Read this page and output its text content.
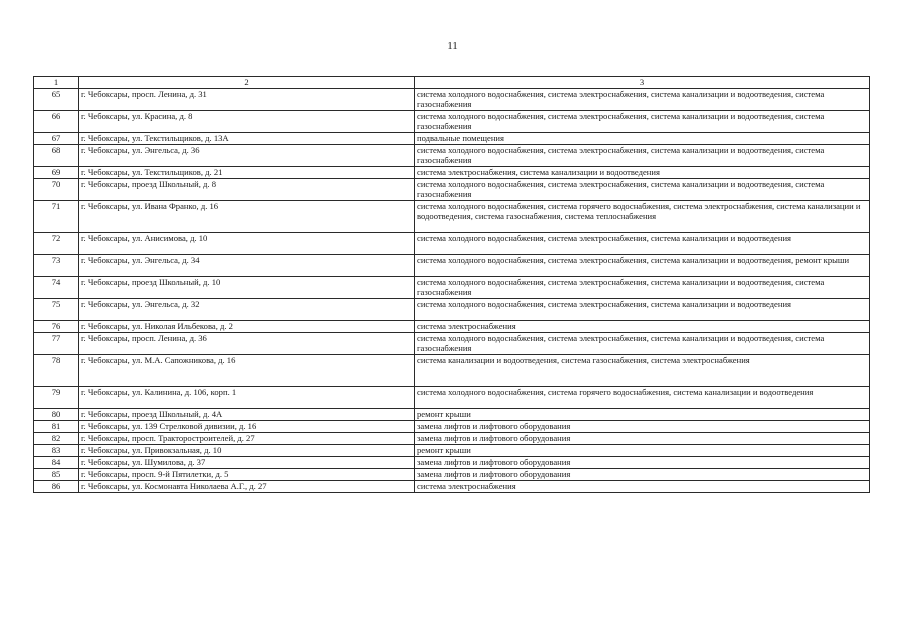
11
1	2	3
65	г. Чебоксары, просп. Ленина, д. 31	система холодного водоснабжения, система электроснабжения, система канализации и водоотведения, система газоснабжения
66	г. Чебоксары, ул. Красина, д. 8	система холодного водоснабжения, система электроснабжения, система канализации и водоотведения, система газоснабжения
67	г. Чебоксары, ул. Текстильщиков, д. 13А	подвальные помещения
68	г. Чебоксары, ул. Энгельса, д. 36	система холодного водоснабжения, система электроснабжения, система канализации и водоотведения, система газоснабжения
69	г. Чебоксары, ул. Текстильщиков, д. 21	система электроснабжения, система канализации и водоотведения
70	г. Чебоксары, проезд Школьный, д. 8	система холодного водоснабжения, система электроснабжения, система канализации и водоотведения, система газоснабжения
71	г. Чебоксары, ул. Ивана Франко, д. 16	система холодного водоснабжения, система горячего водоснабжения, система электроснабжения, система канализации и водоотведения, система газоснабжения, система теплоснабжения
72	г. Чебоксары, ул. Анисимова, д. 10	система холодного водоснабжения, система электроснабжения, система канализации и водоотведения
73	г. Чебоксары, ул. Энгельса, д. 34	система холодного водоснабжения, система электроснабжения, система канализации и водоотведения, ремонт крыши
74	г. Чебоксары, проезд Школьный, д. 10	система холодного водоснабжения, система электроснабжения, система канализации и водоотведения, система газоснабжения
75	г. Чебоксары, ул. Энгельса, д. 32	система холодного водоснабжения, система электроснабжения, система канализации и водоотведения
76	г. Чебоксары, ул. Николая Ильбекова, д. 2	система электроснабжения
77	г. Чебоксары, просп. Ленина, д. 36	система холодного водоснабжения, система электроснабжения, система канализации и водоотведения, система газоснабжения
78	г. Чебоксары, ул. М.А. Сапожникова, д. 16	система канализации и водоотведения, система газоснабжения, система электроснабжения
79	г. Чебоксары, ул. Калинина, д. 106, корп. 1	система холодного водоснабжения, система горячего водоснабжения, система канализации и водоотведения
80	г. Чебоксары, проезд Школьный, д. 4А	ремонт крыши
81	г. Чебоксары, ул. 139 Стрелковой дивизии, д. 16	замена лифтов и лифтового оборудования
82	г. Чебоксары, просп. Тракторостроителей, д. 27	замена лифтов и лифтового оборудования
83	г. Чебоксары, ул. Привокзальная, д. 10	ремонт крыши
84	г. Чебоксары, ул. Шумилова, д. 37	замена лифтов и лифтового оборудования
85	г. Чебоксары, просп. 9-й Пятилетки, д. 5	замена лифтов и лифтового оборудования
86	г. Чебоксары, ул. Космонавта Николаева А.Г., д. 27	система электроснабжения
